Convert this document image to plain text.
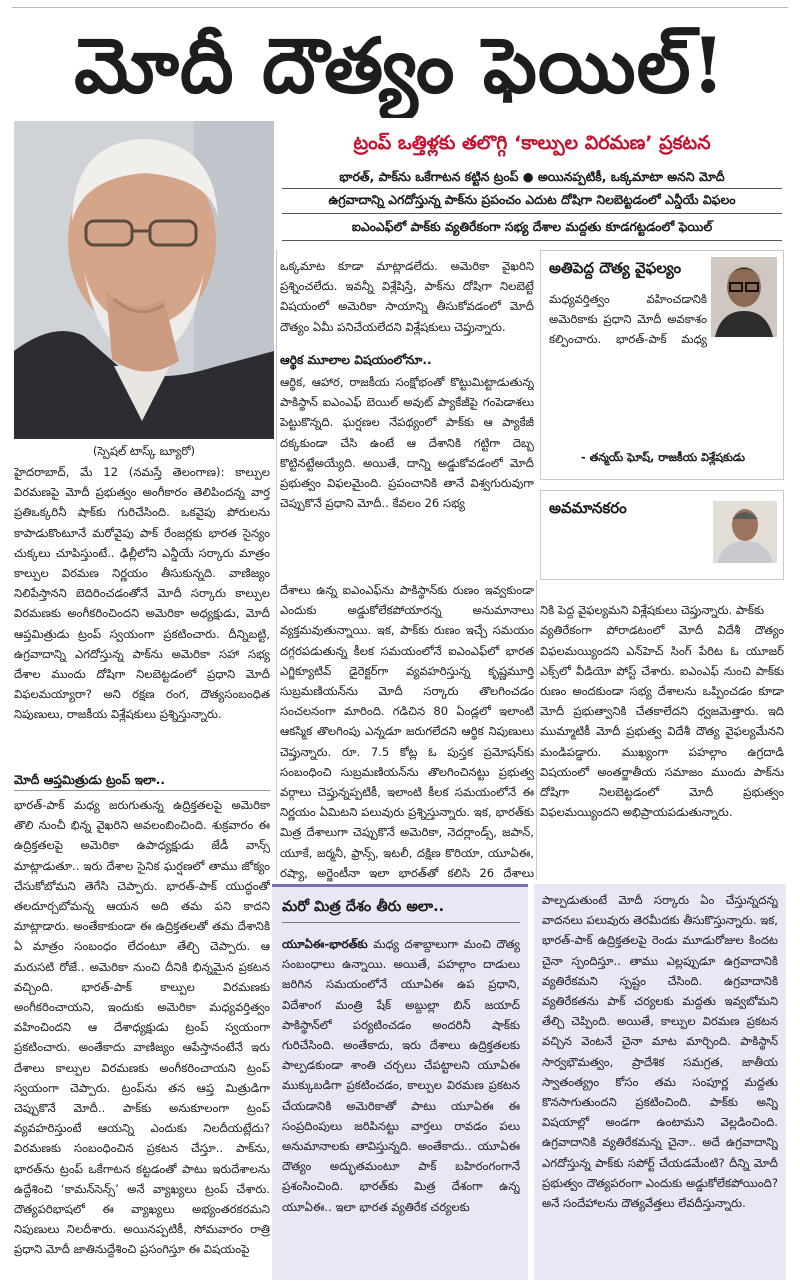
మోదీ దౌత్యం ఫెయిల్‌!
ట్రంప్‌ ఒత్తిళ్లకు తలొగ్గి ‘కాల్పుల విరమణ’ ప్రకటన
భారత్‌, పాక్‌ను ఒకేగాటన కట్టిన ట్రంప్‌ ● అయినప్పటికీ, ఒక్కమాటా అనని మోదీ
ఉగ్రవాదాన్ని ఎగదోస్తున్న పాక్‌ను ప్రపంచం ఎదుట దోషిగా నిలబెట్టడంలో ఎన్డీయే విఫలం
ఐఎంఎఫ్‌లో పాక్‌కు వ్యతిరేకంగా సభ్య దేశాల మద్దతు కూడగట్టడంలో ఫెయిల్‌
(స్పెషల్‌ టాస్క్‌ బ్యూరో)
హైదరాబాద్‌, మే 12 (నమస్తే తెలంగాణ): కాల్పుల విరమణపై మోదీ ప్రభుత్వం అంగీకారం తెలిపిందన్న వార్త ప్రతిఒక్కరినీ షాక్‌కు గురిచేసింది. ఒకవైపు పోరులను కాపాడుకొంటూనే మరోవైపు పాక్‌ రేంజర్లకు భారత సైన్యం చుక్కలు చూపిస్తుంటే.. ఢిల్లీలోని ఎన్డీయే సర్కారు మాత్రం కాల్పుల విరమణ నిర్ణయం తీసుకున్నది. వాణిజ్యం నిలిపేస్తానని బెదిరించడంతోనే మోదీ సర్కారు కాల్పుల విరమణకు అంగీకరించిందని అమెరికా అధ్యక్షుడు, మోదీ ఆప్తమిత్రుడు ట్రంప్‌ స్వయంగా ప్రకటించారు. దీన్నిబట్టి, ఉగ్రవాదాన్ని ఎగదోస్తున్న పాక్‌ను అమెరికా సహా సభ్య దేశాల ముందు దోషిగా నిలబెట్టడంలో ప్రధాని మోదీ విఫలమయ్యారా? అని రక్షణ రంగ, దౌత్యసంబంధిత నిపుణులు, రాజకీయ విశ్లేషకులు ప్రశ్నిస్తున్నారు.
మోదీ ఆప్తమిత్రుడు ట్రంప్‌ ఇలా..
భారత్‌-పాక్‌ మధ్య జరుగుతున్న ఉద్రిక్తతలపై అమెరికా తొలి నుంచీ భిన్న వైఖరిని అవలంబించింది. శుక్రవారం ఈ ఉద్రిక్తతలపై అమెరికా ఉపాధ్యక్షుడు జేడీ వాన్స్‌ మాట్లాడుతూ.. ఇరు దేశాల సైనిక ఘర్షణలో తాము జోక్యం చేసుకోబోమని తెగేసి చెప్పారు. భారత్‌-పాక్‌ యుద్ధంతో తలదూర్చబోమన్న ఆయన అది తమ పని కాదని మాట్లాడారు. అంతేకాకుండా ఈ ఉద్రిక్తతలతో తమ దేశానికి ఏ మాత్రం సంబంధం లేదంటూ తేల్చి చెప్పారు. ఆ మరుసటి రోజే.. అమెరికా నుంచి దీనికి భిన్నమైన ప్రకటన వచ్చింది. భారత్‌-పాక్‌ కాల్పుల విరమణకు అంగీకరించాయని, ఇందుకు అమెరికా మధ్యవర్తిత్వం వహించిందని ఆ దేశాధ్యక్షుడు ట్రంప్‌ స్వయంగా ప్రకటించారు. అంతేకాదు వాణిజ్యం ఆపేస్తానంటేనే ఇరు దేశాలు కాల్పుల విరమణకు అంగీకరించాయని ట్రంప్‌ స్వయంగా చెప్పారు. ట్రంప్‌ను తన ఆప్త మిత్రుడిగా చెప్పుకొనే మోదీ.. పాక్‌కు అనుకూలంగా ట్రంప్‌ వ్యవహరిస్తుంటే ఆయన్ని ఎందుకు నిలదీయట్లేదు? విరమణకు సంబంధించిన ప్రకటన చేస్తూ.. పాక్‌ను, భారత్‌ను ట్రంప్‌ ఒకేగాటన కట్టడంతో పాటు ఇరుదేశాలను ఉద్దేశించి ‘కామన్‌సెన్స్‌’ అనే వ్యాఖ్యలు ట్రంప్‌ చేశారు. దౌత్యపరిభాషలో ఈ వ్యాఖ్యలు అభ్యంతరకరమని నిపుణులు నిలదీశారు. అయినప్పటికీ, సోమవారం రాత్రి ప్రధాని మోదీ జాతినుద్దేశించి ప్రసంగిస్తూ ఈ విషయంపై
ఒక్కమాట కూడా మాట్లాడలేదు. అమెరికా వైఖరిని ప్రశ్నించలేదు. ఇవన్నీ విశ్లేషిస్తే, పాక్‌ను దోషిగా నిలబెట్టే విషయంలో అమెరికా సాయాన్ని తీసుకోవడంలో మోదీ దౌత్యం ఏమీ పనిచేయలేదని విశ్లేషకులు చెప్తున్నారు.
ఆర్థిక మూలాల విషయంలోనూ..
ఆర్థిక, ఆహార, రాజకీయ సంక్షోభంతో కొట్టుమిట్టాడుతున్న పాకిస్థాన్‌ ఐఎంఎఫ్‌ బెయిల్‌ అవుట్‌ ప్యాకేజీపై గంపెడాశలు పెట్టుకొన్నది. ఘర్షణల నేపథ్యంలో పాక్‌కు ఆ ప్యాకేజీ దక్కకుండా చేసి ఉంటే ఆ దేశానికి గట్టిగా దెబ్బ కొట్టినట్టేఅయ్యేది. అయితే, దాన్ని అడ్డుకోవడంలో మోదీ ప్రభుత్వం విఫలమైంది. ప్రపంచానికి తానే విశ్వగురువుగా చెప్పుకొనే ప్రధాని మోదీ.. కేవలం 26 సభ్య
దేశాలు ఉన్న ఐఎంఎఫ్‌ను పాకిస్థాన్‌కు రుణం ఇవ్వకుండా ఎందుకు అడ్డుకోలేకపోయారన్న అనుమానాలు వ్యక్తమవుతున్నాయి. ఇక, పాక్‌కు రుణం ఇచ్చే సమయం దగ్గరపడుతున్న కీలక సమయంలోనే ఐఎంఎఫ్‌లో భారత ఎగ్జిక్యూటివ్‌ డైరెక్టర్‌గా వ్యవహరిస్తున్న కృష్ణమూర్తి సుబ్రమణియన్‌ను మోదీ సర్కారు తొలగించడం సంచలనంగా మారింది. గడిచిన 80 ఏండ్లలో ఇలాంటి ఆకస్మిక తొలగింపు ఎన్నడూ జరుగలేదని ఆర్థిక నిపుణులు చెప్తున్నారు. రూ. 7.5 కోట్ల ఓ పుస్తక ప్రమోషన్‌కు సంబంధించి సుబ్రమణియన్‌ను తొలగించినట్టు ప్రభుత్వ వర్గాలు చెప్తున్నప్పటికీ, ఇలాంటి కీలక సమయంలోనే ఈ నిర్ణయం ఏమిటని పలువురు ప్రశ్నిస్తున్నారు. ఇక, భారత్‌కు మిత్ర దేశాలుగా చెప్పుకొనే అమెరికా, నెదర్లాండ్స్‌, జపాన్‌, యూకే, జర్మనీ, ఫ్రాన్స్‌, ఇటలీ, దక్షిణ కొరియా, యూఏఈ, రష్యా, అర్జెంటీనా ఇలా భారత్‌తో కలిసి 26 దేశాలు

నికి పెద్ద వైఫల్యమని విశ్లేషకులు చెప్తున్నారు. పాక్‌కు
వ్యతిరేకంగా పోరాడటంలో మోదీ విదేశీ దౌత్యం విఫలమయ్యిందని ఎన్‌హెచ్‌ సింగ్‌ పేరిట ఓ యూజర్‌ ఎక్స్‌లో వీడియో పోస్ట్‌ చేశారు. ఐఎంఎఫ్‌ నుంచి పాక్‌కు రుణం అందకుండా సభ్య దేశాలను ఒప్పించడం కూడా మోదీ ప్రభుత్వానికి చేతకాలేదని ధ్వజమెత్తారు. ఇది ముమ్మాటికీ మోదీ ప్రభుత్వ విదేశీ దౌత్య వైఫల్యమేనని మండిపడ్డారు. ముఖ్యంగా పహల్గాం ఉగ్రదాడి విషయంలో అంతర్జాతీయ సమాజం ముందు పాక్‌ను దోషిగా నిలబెట్టడంలో మోదీ ప్రభుత్వం విఫలమయ్యిందని అభిప్రాయపడుతున్నారు.

అతిపెద్ద దౌత్య వైఫల్యం
మధ్యవర్తిత్వం వహించడానికి అమెరికాకు ప్రధాని మోదీ అవకాశం కల్పించారు. భారత్‌-పాక్‌ మధ్య
- తన్మయ్‌ ఘోష్‌, రాజకీయ విశ్లేషకుడు
అవమానకరం
మరో మిత్ర దేశం తీరు అలా..
యూఏఈ-భారత్‌కు మధ్య దశాబ్దాలుగా మంచి దౌత్య సంబంధాలు ఉన్నాయి. అయితే, పహల్గాం దాడులు జరిగిన సమయంలోనే యూఏఈ ఉప ప్రధాని, విదేశాంగ మంత్రి షేక్‌ అబ్దుల్లా బిన్‌ జయాద్‌ పాకిస్థాన్‌లో పర్యటించడం అందరినీ షాక్‌కు గురిచేసింది. అంతేకాదు, ఇరు దేశాలు ఉద్రిక్తతలకు పాల్పడకుండా శాంతి చర్చలు చేపట్టాలని యూఏఈ ముక్కుబడిగా ప్రకటించడం, కాల్పుల విరమణ ప్రకటన చేయడానికి అమెరికాతో పాటు యూఏఈ ఈ సంప్రదింపులు జరిపినట్టు వార్తలు రావడం పలు అనుమానాలకు తావిస్తున్నది. అంతేకాదు.. యూఏఈ దౌత్యం అద్భుతమంటూ పాక్‌ బహిరంగంగానే ప్రశంసించింది. భారత్‌కు మిత్ర దేశంగా ఉన్న యూఏఈ.. ఇలా భారత వ్యతిరేక చర్యలకు
పాల్పడుతుంటే మోదీ సర్కారు ఏం చేస్తున్నదన్న వాదనలు పలువురు తెరమీదకు తీసుకొస్తున్నారు. ఇక, భారత్‌-పాక్‌ ఉద్రిక్తతలపై రెండు మూడురోజుల కిందట చైనా స్పందిస్తూ.. తాము ఎల్లప్పుడూ ఉగ్రవాదానికి వ్యతిరేకమని స్పష్టం చేసింది. ఉగ్రవాదానికి వ్యతిరేకతను పాక్‌ చర్యలకు మద్దతు ఇవ్వబోమని తేల్చి చెప్పింది. అయితే, కాల్పుల విరమణ ప్రకటన వచ్చిన వెంటనే చైనా మాట మార్చింది. పాకిస్థాన్‌ సార్వభౌమత్వం, ప్రాదేశిక సమగ్రత, జాతీయ స్వాతంత్య్రం కోసం తమ సంపూర్ణ మద్దతు కొనసాగుతుందని ప్రకటించింది. పాక్‌కు అన్ని విషయాల్లో అండగా ఉంటామని వెల్లడించింది. ఉగ్రవాదానికి వ్యతిరేకమన్న చైనా.. అదే ఉగ్రవాదాన్ని ఎగదోస్తున్న పాక్‌కు సపోర్ట్‌ చేయడమేంటి? దీన్ని మోదీ ప్రభుత్వం దౌత్యపరంగా ఎందుకు అడ్డుకోలేకపోయింది? అనే సందేహాలను దౌత్యవేత్తలు లేవదీస్తున్నారు.
